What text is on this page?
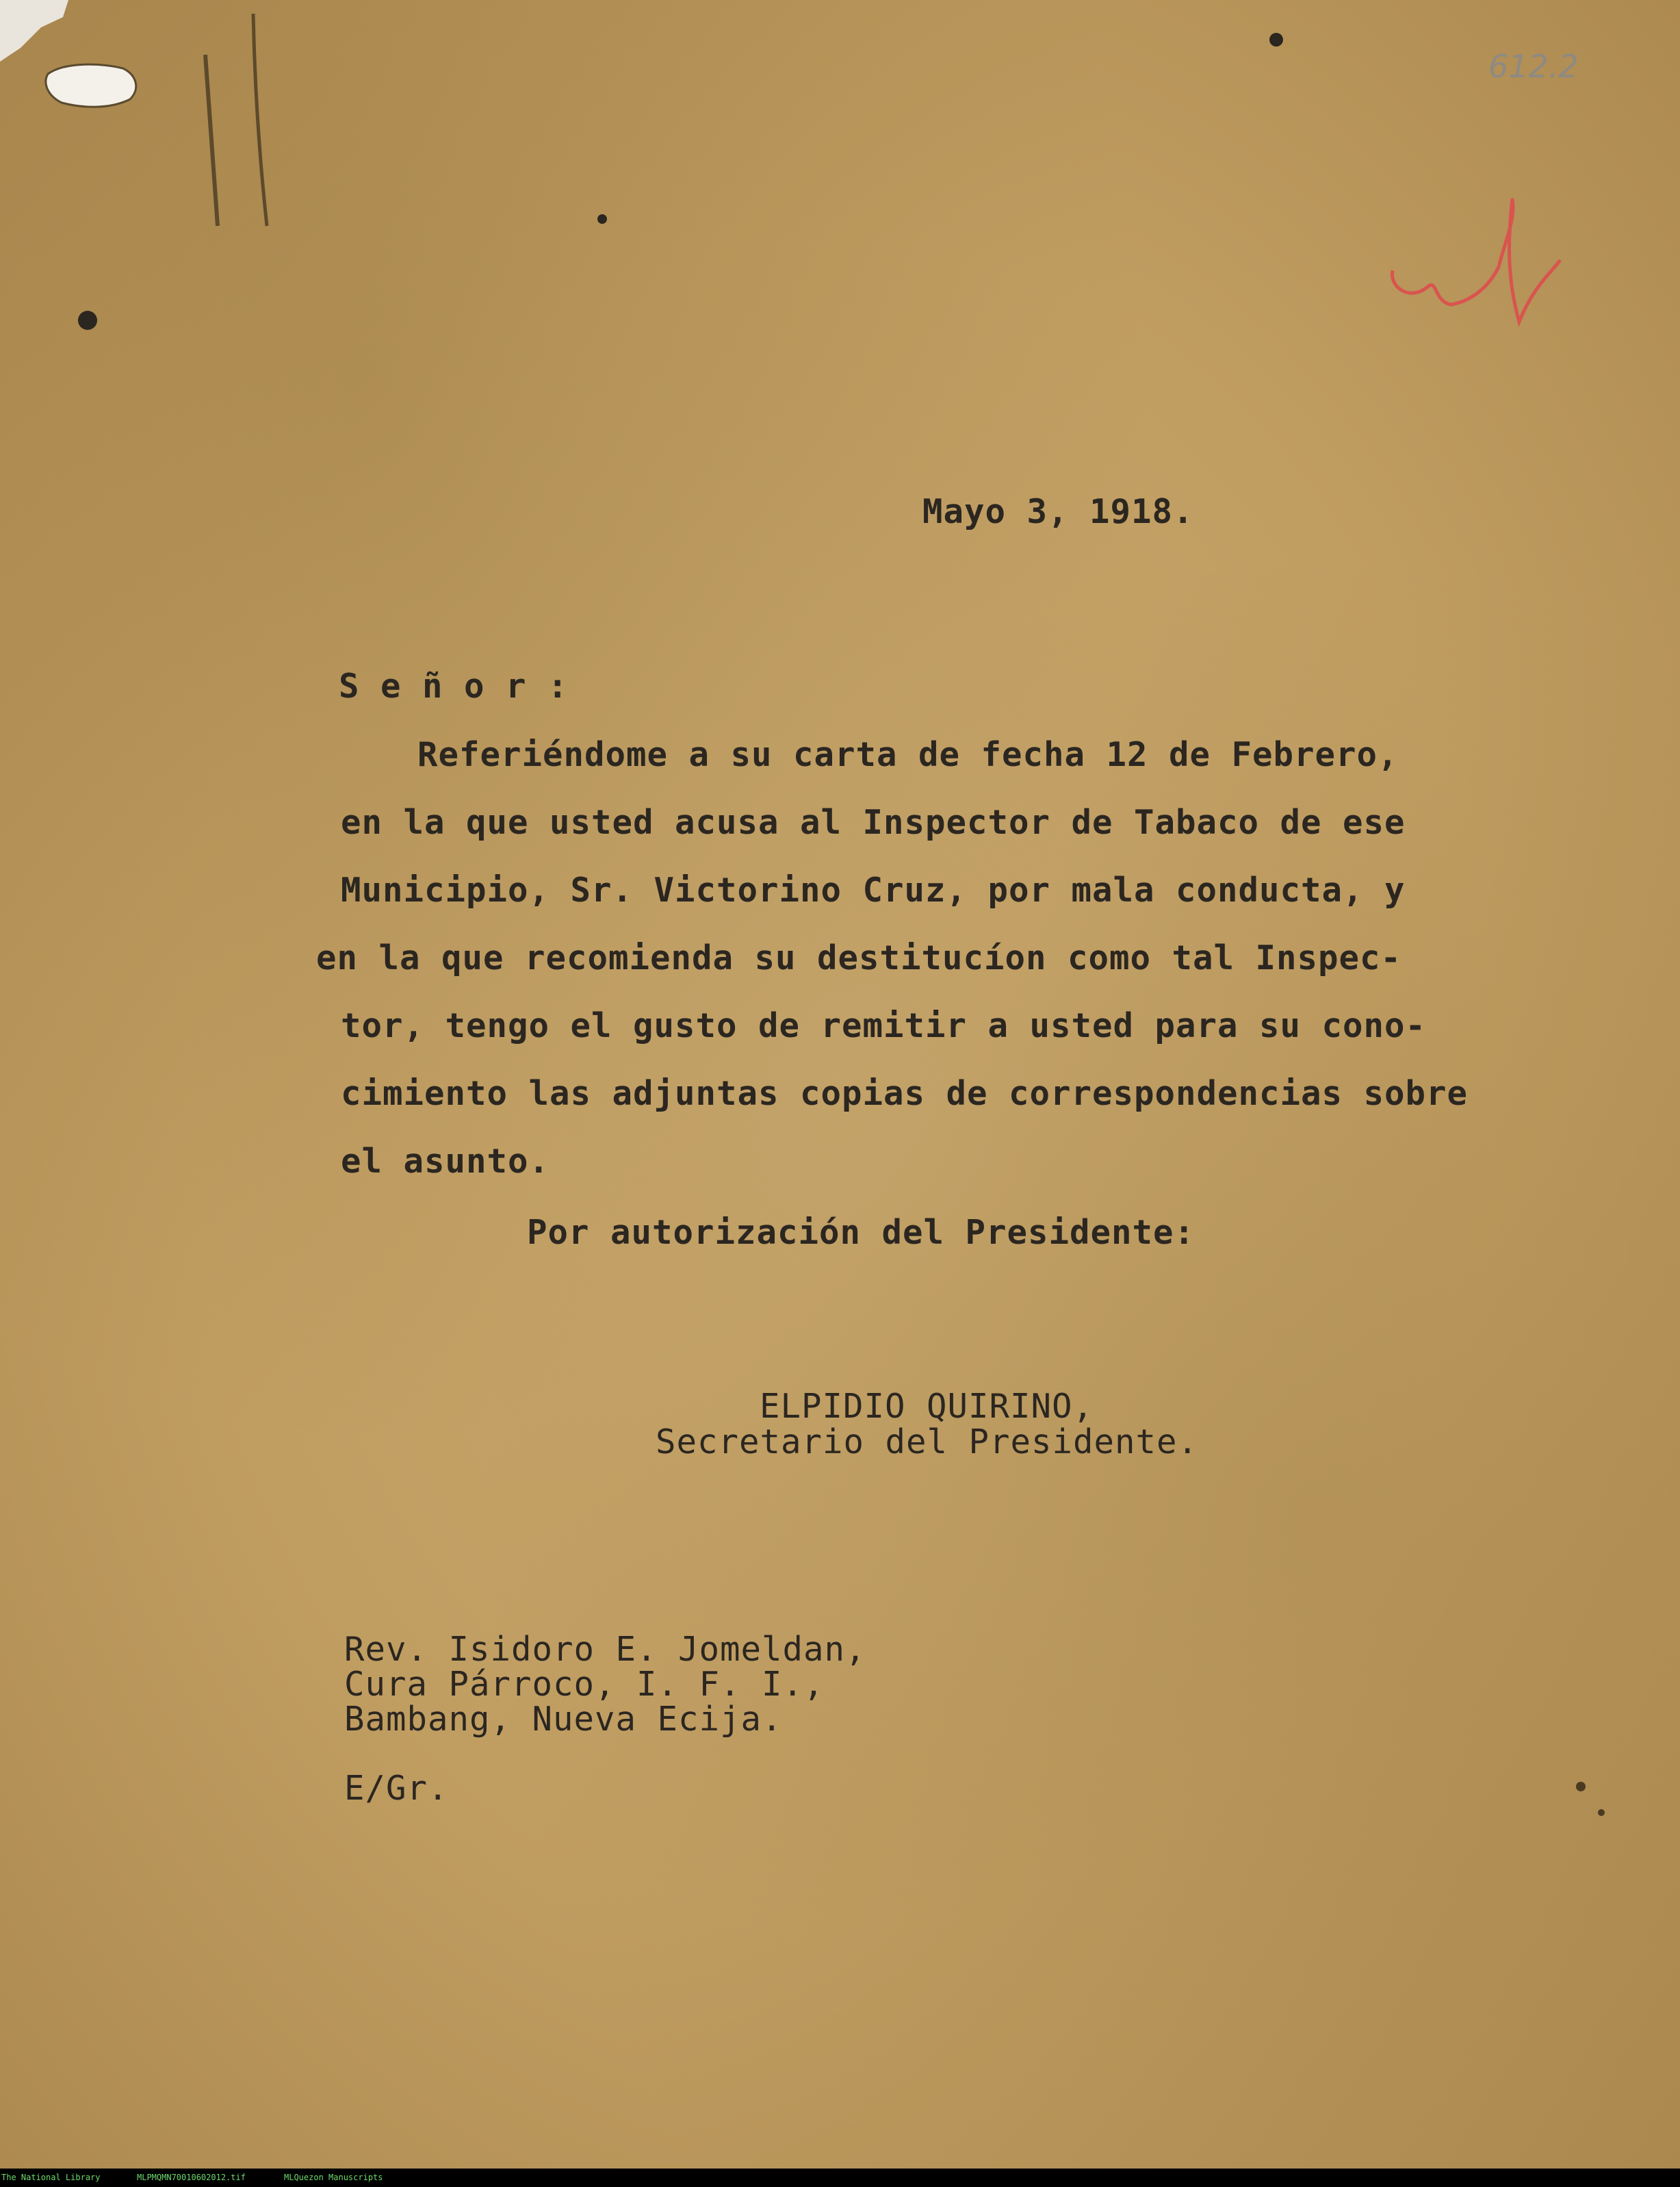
612.2
Mayo 3, 1918.
S e ñ o r :
Referiéndome a su carta de fecha 12 de Febrero,
en la que usted acusa al Inspector de Tabaco de ese
Municipio, Sr. Victorino Cruz, por mala conducta, y
en la que recomienda su destitucíon como tal Inspec-
tor, tengo el gusto de remitir a usted para su cono-
cimiento las adjuntas copias de correspondencias sobre
el asunto.
Por autorización del Presidente:
ELPIDIO QUIRINO,
Secretario del Presidente.
Rev. Isidoro E. Jomeldan,
Cura Párroco, I. F. I.,
Bambang, Nueva Ecija.
E/Gr.
The National Library	MLPMQMN70010602012.tif	MLQuezon Manuscripts
